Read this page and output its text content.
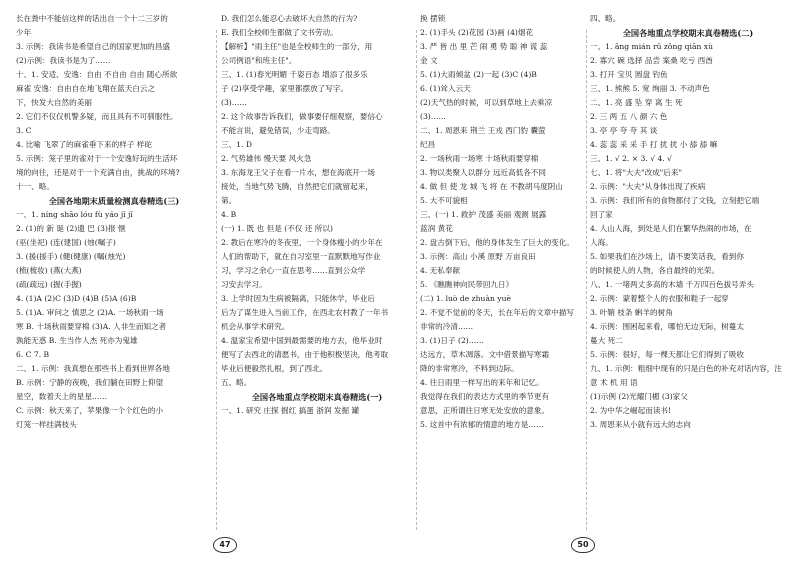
长在粪中不能信这样的话出自一个十二三岁的
少年
3. 示例：我读书是希望自己的国家更加的昌盛
(2)示例：我读书是为了……
十、1. 安适、安逸：自由 不自由 自由 随心所欲
麻雀 安逸：自由自在地飞翔在蓝天白云之
下，快发大自然的美丽
2. 它们不仅仅机警多疑，而且具有不可驯服性。
3. C
4. 比喻 飞翠了的麻雀垂下来的样子 样砣
5. 示例：笼子里的雀对于一个安逸好玩的生活环
境的向往，还是对于一个充满自由，挑战的环境?
十一、略。
全国各地期末质量检测真卷精选(三)
一、1. níng shāo lóu fù yáo jī jǐ
2. (1)的 新 诞 (2)遗 巴 (3)报 惬
(巫(坐祀) (连(建国) (烛(嘱子)
3. (援(援手) (健(健康) (嘱(烛光)
(梳(梳妆) (燕(大燕)
(疏(疏远) (握(手握)
4. (1)A (2)C (3)D (4)B (5)A (6)B
5. (1)A. 审问之 慎思之 (2)A. 一场秋雨一场
寒 B. 十场秋雨要穿棉 (3)A. 人非生而知之者
孰能无惑 B. 生当作人杰 死亦为鬼雄
6. C 7. B
二、1. 示例：我真想在那些书上看到世界各地
B. 示例：宁静的夜晚，我们躺在田野上仰望
星空，数着天上的星星……
C. 示例：秋天来了，苹果像一个个红色的小
灯笼一样挂满枝头
D. 我们怎么能忍心去破坏大自然的行为?
E. 我们全校师生都做了文书劳动。
【解析】"雨主任"也是全校师生的一部分，用
公司例语"和班主任"。
三、1. (1)春光明媚 千姿百态 增添了很多乐
子 (2)享受学趣，家里都摆放了写字。
(3)……
2. 这个故事告诉我们，做事要仔细观察，要信心
不能言说，避免错误，少走弯路。
三、1. D
2. 气势雄伟 慢天要 风火急
3. 东海龙王父子在看一片水，想在海底开一场
接处，当地气势飞腾，自然把它们就留起来，
第。
4. B
(一) 1. 既 也 但是 (不仅 还 所以)
2. 教后在寒冷的冬夜里，一个身体瘦小的少年在
人们的帮助下，就在自习室里一直默默地写作业
习，学习之余心一直在思考……直到公众学
习安去学习。
3. 上学时因为生病被隔离，只能休学，毕业后
后为了谋生进入当前工作，在西北农村教了一年书
机会从事学术研究。
4. 温家宝希望中国到最需要的地方去，他毕业时
便写了去西北的请愿书，由于他积极坚决，他考取
毕业后便毅然扎根，到了西北。
五、略。
全国各地重点学校期末真卷精选(一)
一、1. 研究 庄探 掘红 搞蛋 浙润 发掘 罐
换 摆锁
2. (1)手头 (2)花园 (3)画 (4)烟花
3. 严 皆 出 里 芒 闹 勇 势 聪 神 谎 蕊
金 文
5. (1)大雨倾盆 (2)一起 (3)C (4)B
6. (1)耸入云天
(2)天气热的时候，可以到草地上去乘凉
(3)……
二、1. 周恩来 荆兰 王戎 西门豹 囊萤
纪昌
2. 一场秋雨一场寒 十场秋雨要穿棉
3. 物以类聚人以群分 远近高低各不同
4. 做 但 使 龙 城 飞 将 在 不教胡马度阴山
5. 大不可貌相
三、(一) 1. 救护 茂盛 美丽 观测 展露
蓝润 黄花
2. 盘古倒下后，他的身体发生了巨大的变化。
3. 示例：高山 小溪 原野 万亩良田
4. 无私奉献
5. 《瞧瞧神向民带回九日》
(二) 1. luò de zhuàn yuè
2. 不觉不觉前的冬天，长在年后的文章中描写
非常的冷清……
3. (1)日子 (2)……
达远方，草木凋落。文中借景描写寒霜
降的非常寒冷，不料到边际。
4. 往日雨里一样写出的来年和记忆。
我觉得在我们的表达方式里的季节更有
意思，正所谓往日寒无处安放的意象。
5. 这首中有浓郁的情意的地方是……
四、略。
全国各地重点学校期末真卷精选(二)
一、1. āng mián rǔ zǒng qiān xù
2. 寡穴 碗 选择 品尝 案桑 吃亏 西酋
3. 打开 宝贝 圆盘 钓鱼
三、1. 熊熊 5. 宽 绚丽 3. 不动声色
二、1. 亮 盛 坠 穿 离 生 死
2. 三 两 五 八 颜 六 色
3. 亭 亭 夸 夸 其 谈
4. 蕊 蕊 采 采 手 打 扰 扰 小 舔 舔 嘛
三、1. √ 2. × 3. √ 4. √
七、1. 将"大夫"改成"后来"
2. 示例："大夫"从身体出现了疾病
3. 示例：我们所有的食物都付了文钱，立刻把它端
回了家
4. 人山人海，到处是人们在繁华热闹的市场，在
人海。
5. 如果我们在沙场上，请不要笑话我，看到你
的时候使人的人物，各自最终的光荣。
八、1. 一堵两丈多高的木墙 千万四百色拔号弄头
2. 示例：蒙着整个人的衣服和鞋子一起穿
3. 叶鞘 枝条 蝌羊的树角
4. 示例：围困起来看，哪怕无边无际，树蔓太
蔓大 死二
5. 示例：很好，每一棵天都让它们得到了吸收
九、1. 示例：粗细中现有的只是白色的补充对话内容，注
意 术 机 用 语
(1)示例 (2)光耀门楣 (3)家父
2. 为中华之崛起而读书!
3. 周恩来从小就有远大的志向
47	50
